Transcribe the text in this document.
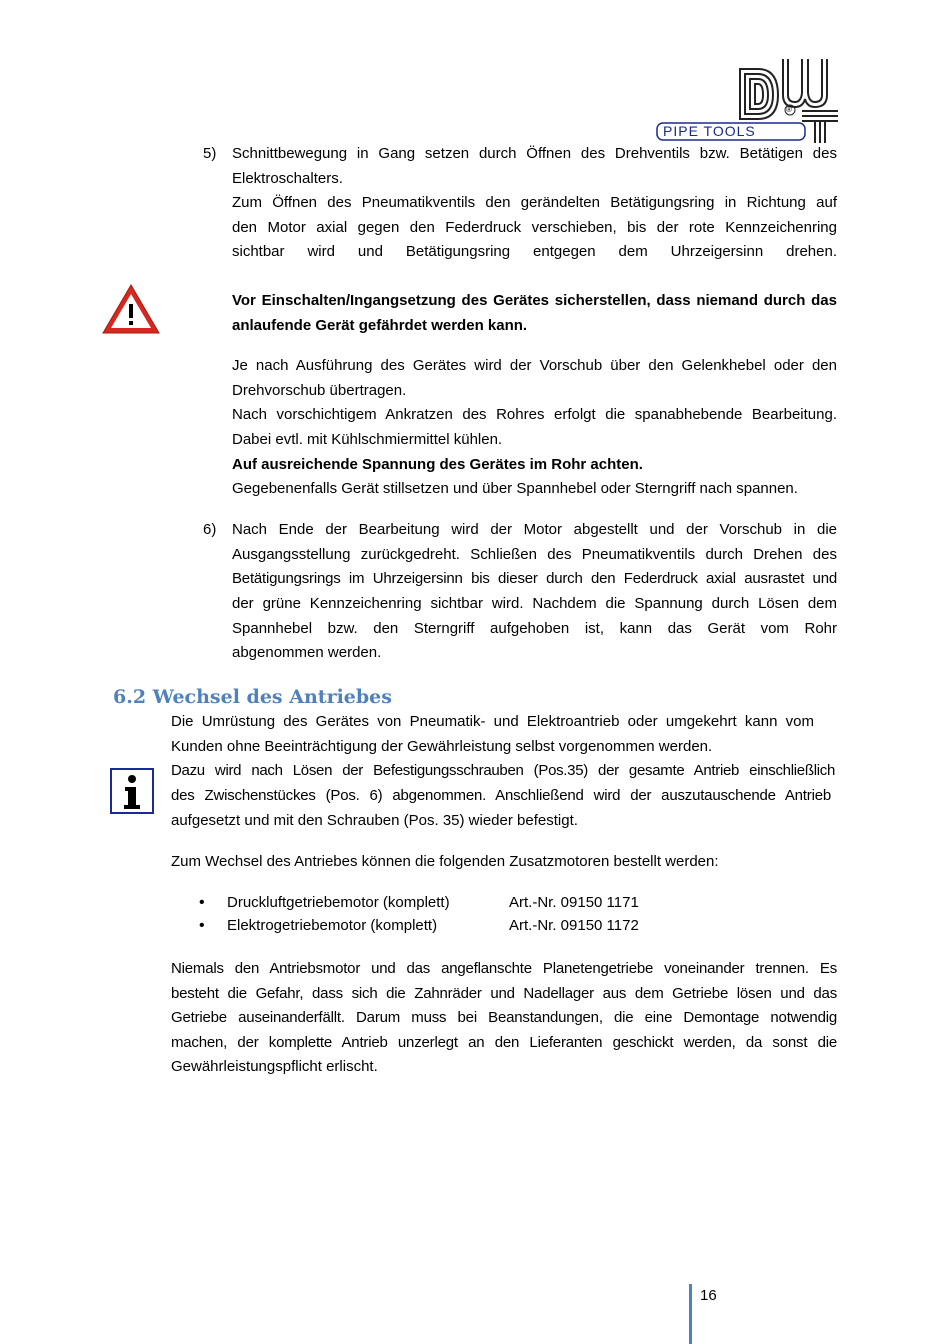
®
PIPE TOOLS
5) Schnittbewegung in Gang setzen durch Öffnen des Drehventils bzw. Betätigen des
Elektroschalters.
Zum Öffnen des Pneumatikventils den gerändelten Betätigungsring in Richtung auf
den Motor axial gegen den Federdruck verschieben, bis der rote Kennzeichenring
sichtbar wird und Betätigungsring entgegen dem Uhrzeigersinn drehen.
Vor Einschalten/Ingangsetzung des Gerätes sicherstellen, dass niemand durch das
anlaufende Gerät gefährdet werden kann.
Je nach Ausführung des Gerätes wird der Vorschub über den Gelenkhebel oder den
Drehvorschub übertragen.
Nach vorschichtigem Ankratzen des Rohres erfolgt die spanabhebende Bearbeitung.
Dabei evtl. mit Kühlschmiermittel kühlen.
Auf ausreichende Spannung des Gerätes im Rohr achten.
Gegebenenfalls Gerät stillsetzen und über Spannhebel oder Sterngriff nach spannen.
6) Nach Ende der Bearbeitung wird der Motor abgestellt und der Vorschub in die
Ausgangsstellung zurückgedreht. Schließen des Pneumatikventils durch Drehen des
Betätigungsrings im Uhrzeigersinn bis dieser durch den Federdruck axial ausrastet und
der grüne Kennzeichenring sichtbar wird. Nachdem die Spannung durch Lösen dem
Spannhebel bzw. den Sterngriff aufgehoben ist, kann das Gerät vom Rohr
abgenommen werden.
6.2 Wechsel des Antriebes
Die Umrüstung des Gerätes von Pneumatik- und Elektroantrieb oder umgekehrt kann vom
Kunden ohne Beeinträchtigung der Gewährleistung selbst vorgenommen werden.
Dazu wird nach Lösen der Befestigungsschrauben (Pos.35) der gesamte Antrieb einschließlich
des Zwischenstückes (Pos. 6) abgenommen. Anschließend wird der auszutauschende Antrieb
aufgesetzt und mit den Schrauben (Pos. 35) wieder befestigt.
Zum Wechsel des Antriebes können die folgenden Zusatzmotoren bestellt werden:
• Druckluftgetriebemotor (komplett)	Art.-Nr. 09150 1171
• Elektrogetriebemotor (komplett)	Art.-Nr. 09150 1172
Niemals den Antriebsmotor und das angeflanschte Planetengetriebe voneinander trennen. Es
besteht die Gefahr, dass sich die Zahnräder und Nadellager aus dem Getriebe lösen und das
Getriebe auseinanderfällt. Darum muss bei Beanstandungen, die eine Demontage notwendig
machen, der komplette Antrieb unzerlegt an den Lieferanten geschickt werden, da sonst die
Gewährleistungspflicht erlischt.
16
